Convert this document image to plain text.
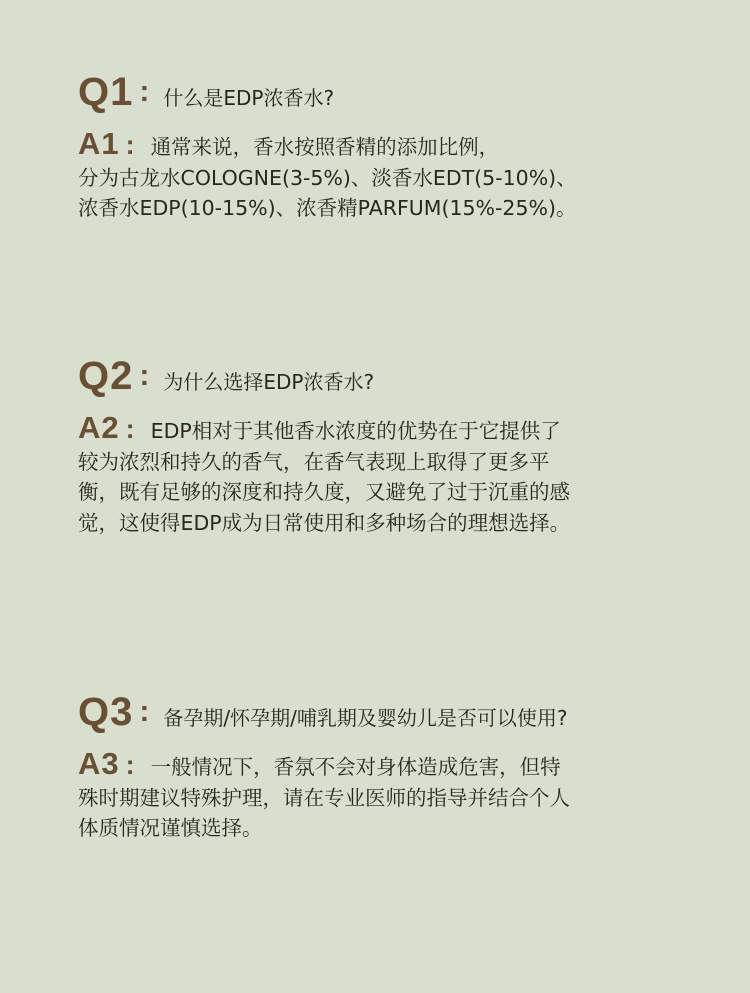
Q1 : 什么是EDP浓香水?
A1 : 通常来说，香水按照香精的添加比例，
分为古龙水COLOGNE(3-5%)、淡香水EDT(5-10%)、
浓香水EDP(10-15%)、浓香精PARFUM(15%-25%)。
Q2 : 为什么选择EDP浓香水?
A2 : EDP相对于其他香水浓度的优势在于它提供了
较为浓烈和持久的香气，在香气表现上取得了更多平
衡，既有足够的深度和持久度，又避免了过于沉重的感
觉，这使得EDP成为日常使用和多种场合的理想选择。
Q3 : 备孕期/怀孕期/哺乳期及婴幼儿是否可以使用?
A3 : 一般情况下，香氛不会对身体造成危害，但特
殊时期建议特殊护理，请在专业医师的指导并结合个人
体质情况谨慎选择。
